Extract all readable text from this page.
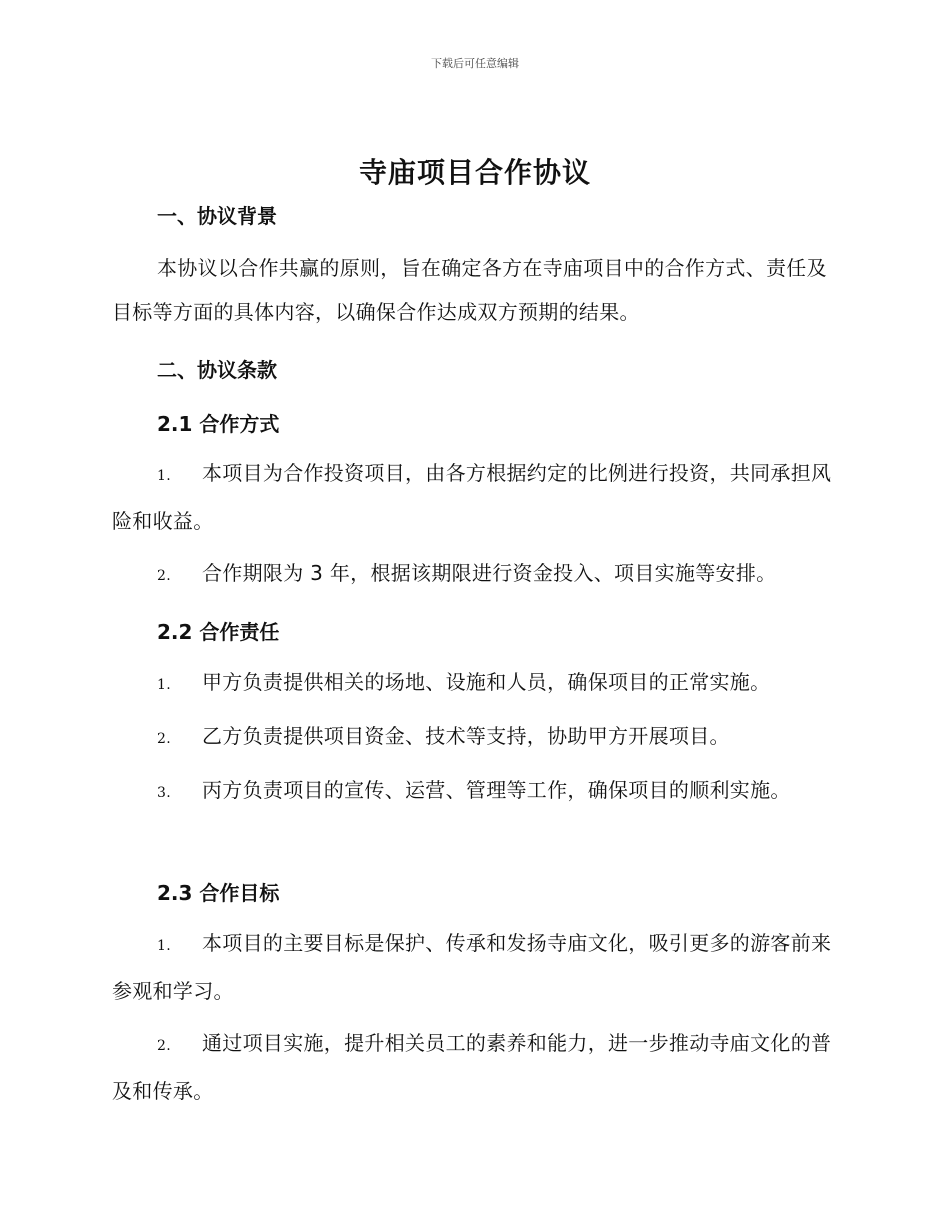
下载后可任意编辑
寺庙项目合作协议
一、协议背景
本协议以合作共赢的原则，旨在确定各方在寺庙项目中的合作方式、责任及目标等方面的具体内容，以确保合作达成双方预期的结果。
二、协议条款
2.1 合作方式
1. 本项目为合作投资项目，由各方根据约定的比例进行投资，共同承担风险和收益。
2. 合作期限为 3 年，根据该期限进行资金投入、项目实施等安排。
2.2 合作责任
1. 甲方负责提供相关的场地、设施和人员，确保项目的正常实施。
2. 乙方负责提供项目资金、技术等支持，协助甲方开展项目。
3. 丙方负责项目的宣传、运营、管理等工作，确保项目的顺利实施。
2.3 合作目标
1. 本项目的主要目标是保护、传承和发扬寺庙文化，吸引更多的游客前来参观和学习。
2. 通过项目实施，提升相关员工的素养和能力，进一步推动寺庙文化的普及和传承。
